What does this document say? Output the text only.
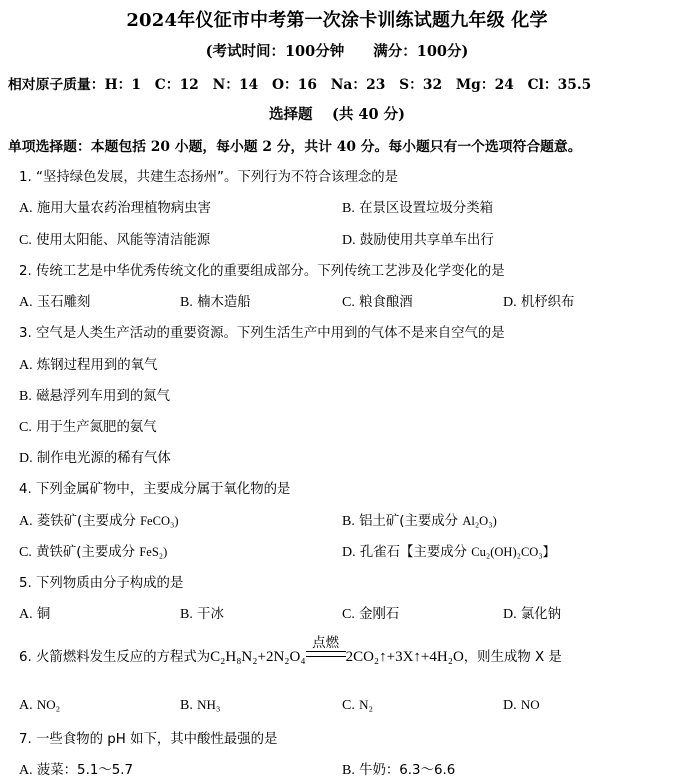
2024年仪征市中考第一次涂卡训练试题九年级 化学
(考试时间：100分钟　　满分：100分)
相对原子质量：H：1　C：12　N：14　O：16　Na：23　S：32　Mg：24　Cl：35.5
选择题　 (共 40 分)
单项选择题：本题包括 20 小题，每小题 2 分，共计 40 分。每小题只有一个选项符合题意。
1. “坚持绿色发展，共建生态扬州”。下列行为不符合该理念的是
A. 施用大量农药治理植物病虫害	B. 在景区设置垃圾分类箱
C. 使用太阳能、风能等清洁能源	D. 鼓励使用共享单车出行
2. 传统工艺是中华优秀传统文化的重要组成部分。下列传统工艺涉及化学变化的是
A. 玉石雕刻	B. 楠木造船	C. 粮食酿酒	D. 机杼织布
3. 空气是人类生产活动的重要资源。下列生活生产中用到的气体不是来自空气的是
A. 炼钢过程用到的氧气
B. 磁悬浮列车用到的氮气
C. 用于生产氮肥的氨气
D. 制作电光源的稀有气体
4. 下列金属矿物中，主要成分属于氧化物的是
A. 菱铁矿(主要成分 FeCO₃)	B. 铝土矿(主要成分 Al₂O₃)
C. 黄铁矿(主要成分 FeS₂)	D. 孔雀石【主要成分 Cu₂(OH)₂CO₃】
5. 下列物质由分子构成的是
A. 铜	B. 干冰	C. 金刚石	D. 氯化钠
6. 火箭燃料发生反应的方程式为C₂H₈N₂+2N₂O₄
点燃
2CO₂↑+3X↑+4H₂O，则生成物 X 是
A. NO₂	B. NH₃	C. N₂	D. NO
7. 一些食物的 pH 如下，其中酸性最强的是
A. 菠菜：5.1～5.7	B. 牛奶：6.3～6.6
